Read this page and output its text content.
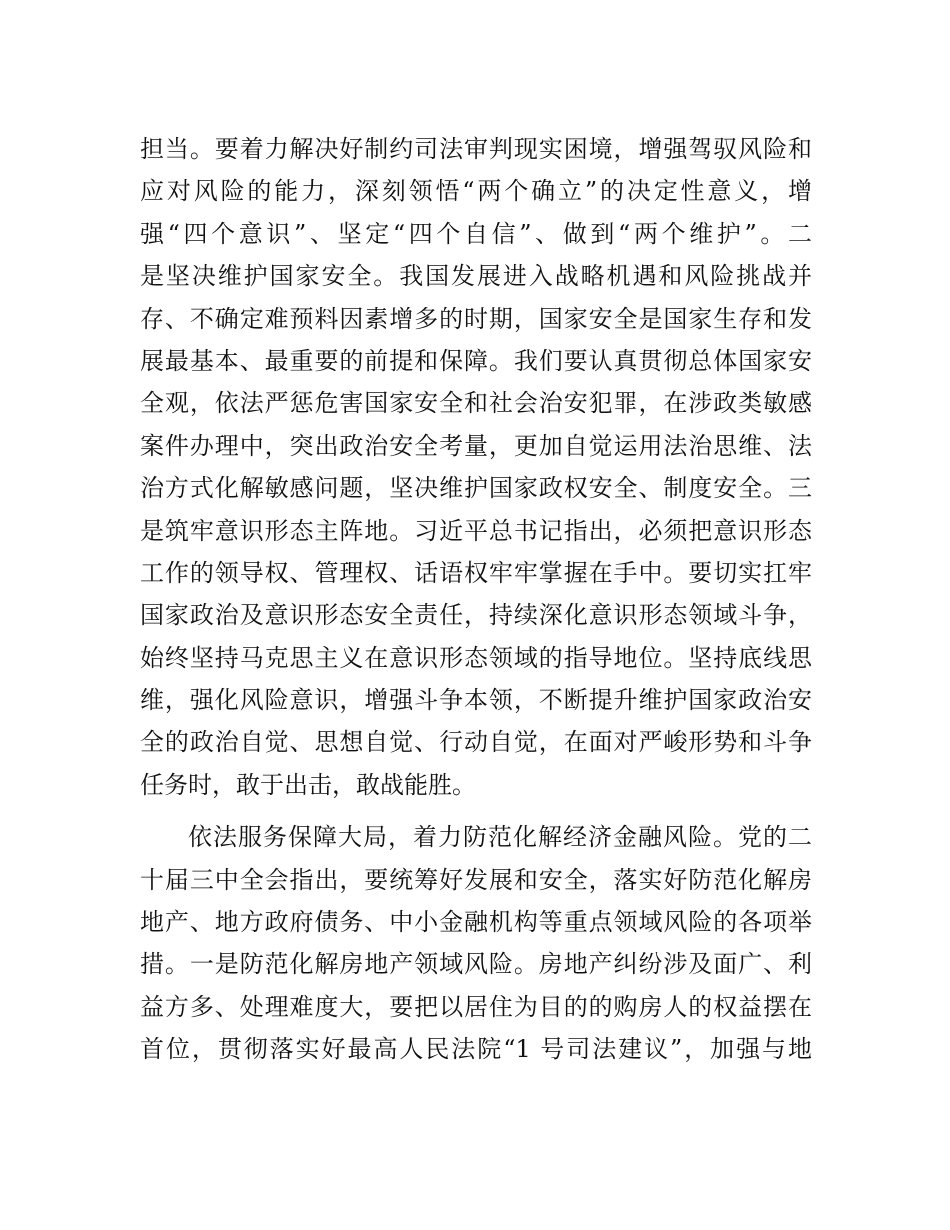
担当。要着力解决好制约司法审判现实困境，增强驾驭风险和
应对风险的能力，深刻领悟“两个确立”的决定性意义，增
强“四个意识”、坚定“四个自信”、做到“两个维护”。二
是坚决维护国家安全。我国发展进入战略机遇和风险挑战并
存、不确定难预料因素增多的时期，国家安全是国家生存和发
展最基本、最重要的前提和保障。我们要认真贯彻总体国家安
全观，依法严惩危害国家安全和社会治安犯罪，在涉政类敏感
案件办理中，突出政治安全考量，更加自觉运用法治思维、法
治方式化解敏感问题，坚决维护国家政权安全、制度安全。三
是筑牢意识形态主阵地。习近平总书记指出，必须把意识形态
工作的领导权、管理权、话语权牢牢掌握在手中。要切实扛牢
国家政治及意识形态安全责任，持续深化意识形态领域斗争，
始终坚持马克思主义在意识形态领域的指导地位。坚持底线思
维，强化风险意识，增强斗争本领，不断提升维护国家政治安
全的政治自觉、思想自觉、行动自觉，在面对严峻形势和斗争
任务时，敢于出击，敢战能胜。
依法服务保障大局，着力防范化解经济金融风险。党的二
十届三中全会指出，要统筹好发展和安全，落实好防范化解房
地产、地方政府债务、中小金融机构等重点领域风险的各项举
措。一是防范化解房地产领域风险。房地产纠纷涉及面广、利
益方多、处理难度大，要把以居住为目的的购房人的权益摆在
首位，贯彻落实好最高人民法院“1 号司法建议”，加强与地
